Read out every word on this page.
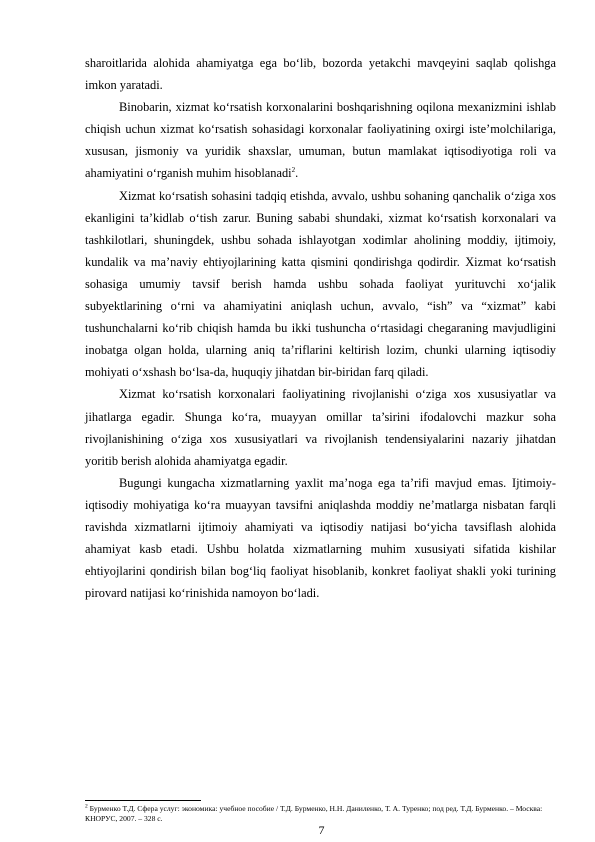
sharoitlarida alohida ahamiyatga ega bo‘lib, bozorda yetakchi mavqeyini saqlab qolishga imkon yaratadi.

Binobarin, xizmat ko‘rsatish korxonalarini boshqarishning oqilona mexanizmini ishlab chiqish uchun xizmat ko‘rsatish sohasidagi korxonalar faoliyatining oxirgi iste’molchilariga, xususan, jismoniy va yuridik shaxslar, umuman, butun mamlakat iqtisodiyotiga roli va ahamiyatini o‘rganish muhim hisoblanadi$^2$.

Xizmat ko‘rsatish sohasini tadqiq etishda, avvalo, ushbu sohaning qanchalik o‘ziga xos ekanligini ta’kidlab o‘tish zarur. Buning sababi shundaki, xizmat ko‘rsatish korxonalari va tashkilotlari, shuningdek, ushbu sohada ishlayotgan xodimlar aholining moddiy, ijtimoiy, kundalik va ma’naviy ehtiyojlarining katta qismini qondirishga qodirdir. Xizmat ko‘rsatish sohasiga umumiy tavsif berish hamda ushbu sohada faoliyat yurituvchi xo‘jalik subyektlarining o‘rni va ahamiyatini aniqlash uchun, avvalo, “ish” va “xizmat” kabi tushunchalarni ko‘rib chiqish hamda bu ikki tushuncha o‘rtasidagi chegaraning mavjudligini inobatga olgan holda, ularning aniq ta’riflarini keltirish lozim, chunki ularning iqtisodiy mohiyati o‘xshash bo‘lsa-da, huquqiy jihatdan bir-biridan farq qiladi.

Xizmat ko‘rsatish korxonalari faoliyatining rivojlanishi o‘ziga xos xususiyatlar va jihatlarga egadir. Shunga ko‘ra, muayyan omillar ta’sirini ifodalovchi mazkur soha rivojlanishining o‘ziga xos xususiyatlari va rivojlanish tendensiyalarini nazariy jihatdan yoritib berish alohida ahamiyatga egadir.

Bugungi kungacha xizmatlarning yaxlit ma’noga ega ta’rifi mavjud emas. Ijtimoiy-iqtisodiy mohiyatiga ko‘ra muayyan tavsifni aniqlashda moddiy ne’matlarga nisbatan farqli ravishda xizmatlarni ijtimoiy ahamiyati va iqtisodiy natijasi bo‘yicha tavsiflash alohida ahamiyat kasb etadi. Ushbu holatda xizmatlarning muhim xususiyati sifatida kishilar ehtiyojlarini qondirish bilan bog‘liq faoliyat hisoblanib, konkret faoliyat shakli yoki turining pirovard natijasi ko‘rinishida namoyon bo‘ladi.

$^2$ Бурменко Т.Д. Сфера услуг: экономика: учебное пособие / Т.Д. Бурменко, Н.Н. Даниленко, Т. А. Туренко; под ред. Т.Д. Бурменко. – Москва: КНОРУС, 2007. – 328 с.
7
